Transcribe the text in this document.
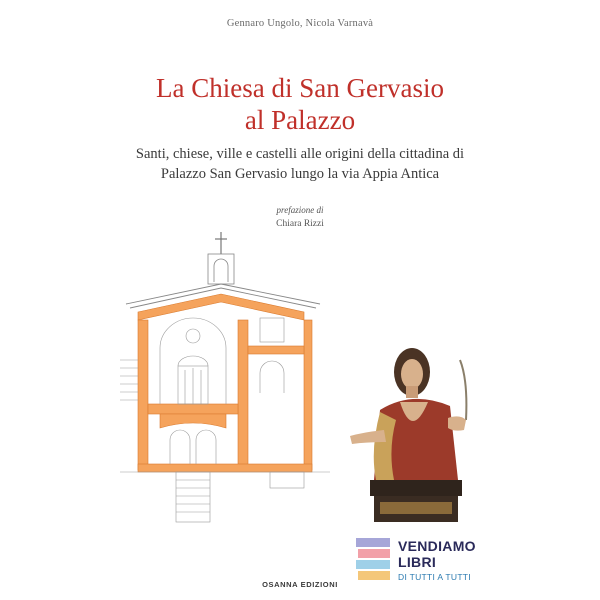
Gennaro Ungolo, Nicola Varnavà
La Chiesa di San Gervasio
al Palazzo
Santi, chiese, ville e castelli alle origini della cittadina di
Palazzo San Gervasio lungo la via Appia Antica
prefazione di
Chiara Rizzi
OSANNA EDIZIONI
VENDIAMO
LIBRI
DI TUTTI A TUTTI
